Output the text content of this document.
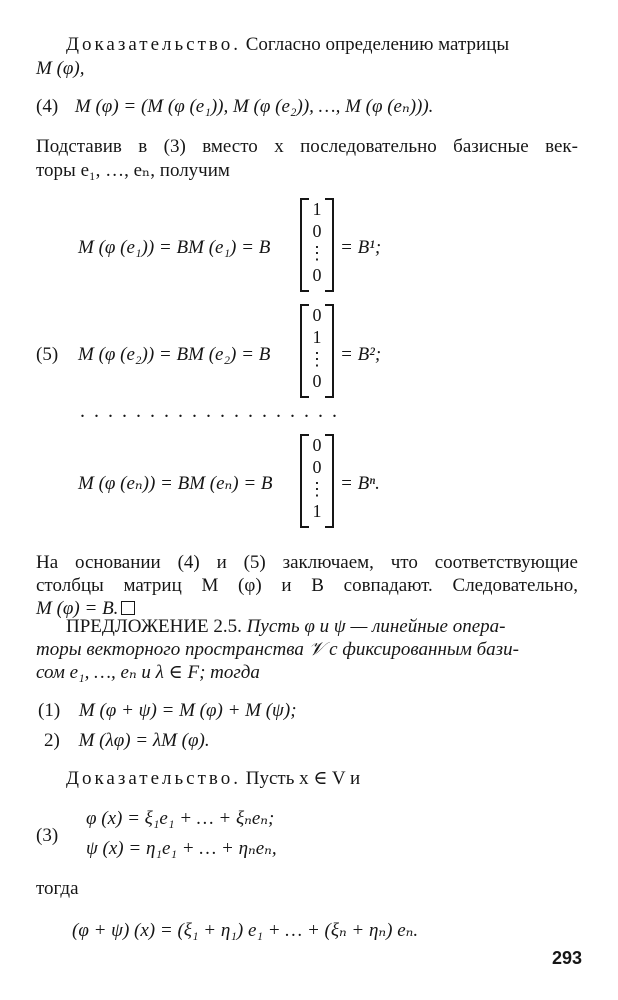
Доказательство. Согласно определению матрицы
M (φ),
(4) M (φ) = (M (φ (e₁)), M (φ (e₂)), …, M (φ (eₙ))).
Подставив в (3) вместо x последовательно базисные век-
торы e₁, …, eₙ, получим
M (φ (e₁)) = BM (e₁) = B
1
0
⋮
0
= B¹;
(5) M (φ (e₂)) = BM (e₂) = B
0
1
⋮
0
= B²;
...................
M (φ (eₙ)) = BM (eₙ) = B
0
0
⋮
1
= Bⁿ.
На основании (4) и (5) заключаем, что соответствующие
столбцы матриц M (φ) и B совпадают. Следовательно,
M (φ) = B.
ПРЕДЛОЖЕНИЕ 2.5. Пусть φ и ψ — линейные опера-
торы векторного пространства 𝒱 с фиксированным бази-
сом e₁, …, eₙ и λ ∈ F; тогда
(1) M (φ + ψ) = M (φ) + M (ψ);
2) M (λφ) = λM (φ).
Доказательство. Пусть x ∈ V и
(3)
φ (x) = ξ₁e₁ + … + ξₙeₙ;
ψ (x) = η₁e₁ + … + ηₙeₙ,
тогда
(φ + ψ) (x) = (ξ₁ + η₁) e₁ + … + (ξₙ + ηₙ) eₙ.
293
